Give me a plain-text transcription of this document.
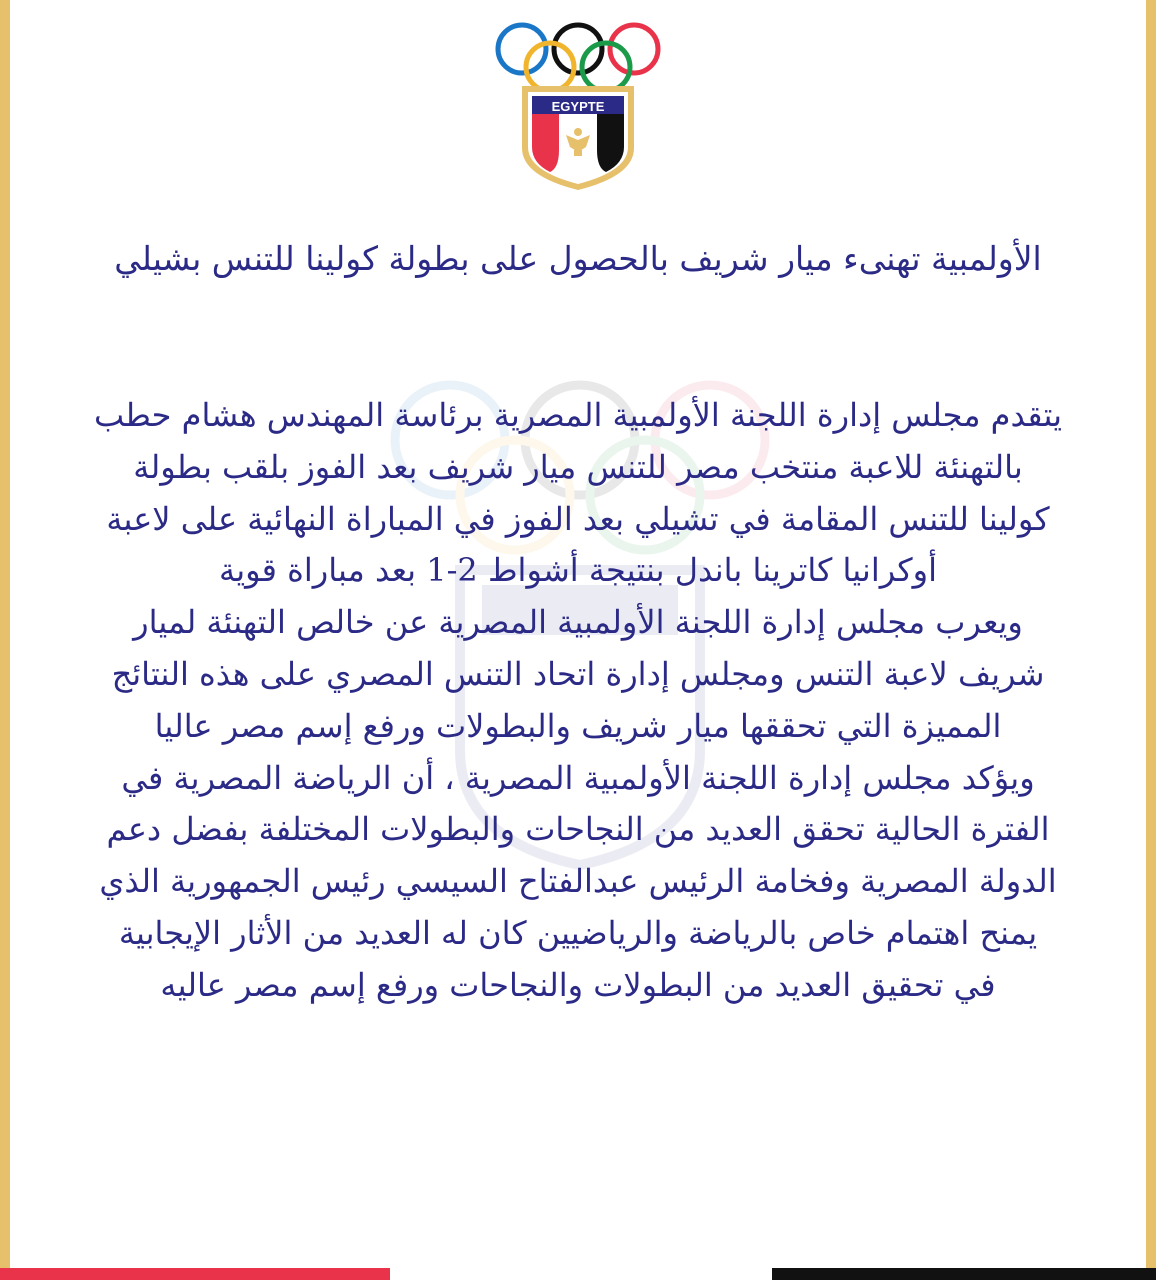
EGYPTE
الأولمبية تهنىء ميار شريف بالحصول على بطولة كولينا للتنس بشيلي
يتقدم مجلس إدارة اللجنة الأولمبية المصرية برئاسة المهندس هشام حطب
بالتهنئة للاعبة منتخب مصر للتنس ميار شريف بعد الفوز بلقب بطولة
كولينا للتنس المقامة في تشيلي بعد الفوز في المباراة النهائية على لاعبة
أوكرانيا كاترينا باندل بنتيجة أشواط 2-1 بعد مباراة قوية
ويعرب مجلس إدارة اللجنة الأولمبية المصرية عن خالص التهنئة لميار
شريف لاعبة التنس ومجلس إدارة اتحاد التنس المصري على هذه النتائج
المميزة التي تحققها ميار شريف والبطولات ورفع إسم مصر عاليا
ويؤكد مجلس إدارة اللجنة الأولمبية المصرية ، أن الرياضة المصرية في
الفترة الحالية تحقق العديد من النجاحات والبطولات المختلفة بفضل دعم
الدولة المصرية وفخامة الرئيس عبدالفتاح السيسي رئيس الجمهورية الذي
يمنح اهتمام خاص بالرياضة والرياضيين كان له العديد من الأثار الإيجابية
في تحقيق العديد من البطولات والنجاحات ورفع إسم مصر عاليه
